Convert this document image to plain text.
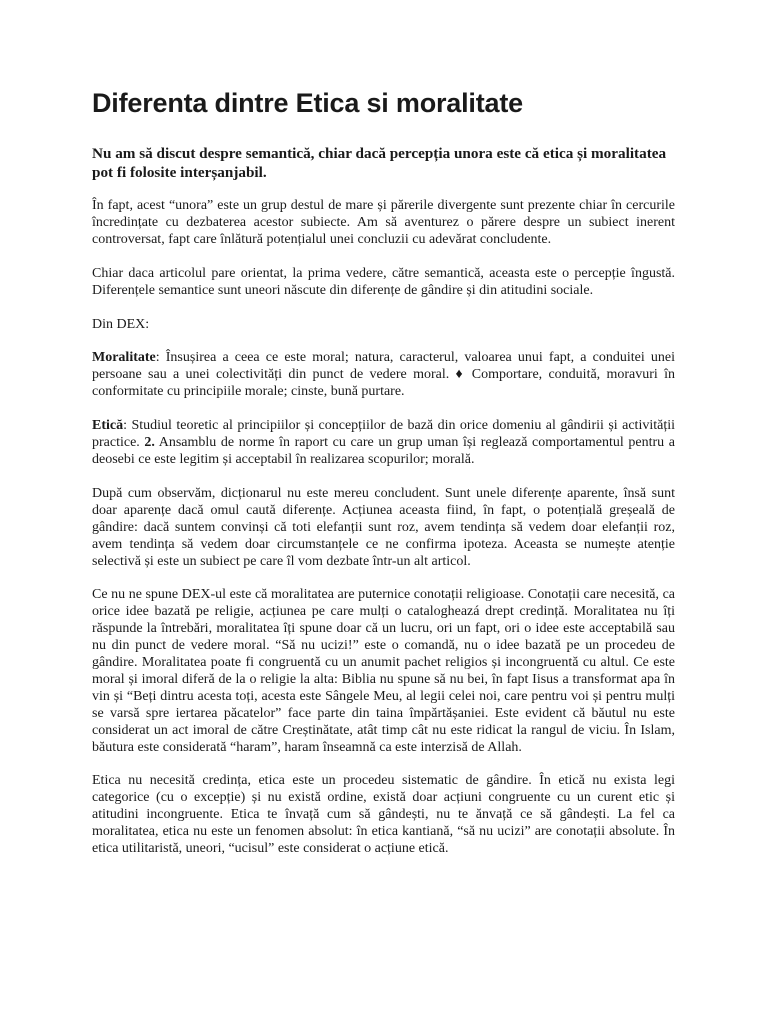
Diferenta dintre Etica si moralitate

Nu am să discut despre semantică, chiar dacă percepția unora este că etica și moralitatea pot fi folosite interșanjabil.

În fapt, acest “unora” este un grup destul de mare și părerile divergente sunt prezente chiar în cercurile încredințate cu dezbaterea acestor subiecte. Am să aventurez o părere despre un subiect inerent controversat, fapt care înlătură potențialul unei concluzii cu adevărat concludente.

Chiar daca articolul pare orientat, la prima vedere, către semantică, aceasta este o percepție îngustă. Diferențele semantice sunt uneori născute din diferențe de gândire și din atitudini sociale.

Din DEX:

Moralitate: Însușirea a ceea ce este moral; natura, caracterul, valoarea unui fapt, a conduitei unei persoane sau a unei colectivități din punct de vedere moral. ♦ Comportare, conduită, moravuri în conformitate cu principiile morale; cinste, bună purtare.

Etică: Studiul teoretic al principiilor și concepțiilor de bază din orice domeniu al gândirii și activității practice. 2. Ansamblu de norme în raport cu care un grup uman își reglează comportamentul pentru a deosebi ce este legitim și acceptabil în realizarea scopurilor; morală.

După cum observăm, dicționarul nu este mereu concludent. Sunt unele diferențe aparente, însă sunt doar aparențe dacă omul caută diferențe. Acțiunea aceasta fiind, în fapt, o potențială greșeală de gândire: dacă suntem convinși că toti elefanții sunt roz, avem tendința să vedem doar elefanții roz, avem tendința să vedem doar circumstanțele ce ne confirma ipoteza. Aceasta se numește atenție selectivă și este un subiect pe care îl vom dezbate într-un alt articol.

Ce nu ne spune DEX-ul este că moralitatea are puternice conotații religioase. Conotații care necesită, ca orice idee bazată pe religie, acțiunea pe care mulți o catalogheazá drept credință. Moralitatea nu îți răspunde la întrebări, moralitatea îți spune doar că un lucru, ori un fapt, ori o idee este acceptabilă sau nu din punct de vedere moral. “Să nu ucizi!” este o comandă, nu o idee bazată pe un procedeu de gândire. Moralitatea poate fi congruentă cu un anumit pachet religios și incongruentă cu altul. Ce este moral și imoral diferă de la o religie la alta: Biblia nu spune să nu bei, în fapt Iisus a transformat apa în vin și “Beți dintru acesta toți, acesta este Sângele Meu, al legii celei noi, care pentru voi și pentru mulți se varsă spre iertarea păcatelor” face parte din taina împărtășaniei. Este evident că băutul nu este considerat un act imoral de către Creștinătate, atât timp cât nu este ridicat la rangul de viciu. În Islam, băutura este considerată “haram”, haram înseamnă ca este interzisă de Allah.

Etica nu necesită credința, etica este un procedeu sistematic de gândire. În etică nu exista legi categorice (cu o excepție) și nu există ordine, există doar acțiuni congruente cu un curent etic și atitudini incongruente. Etica te învață cum să gândești, nu te ănvață ce să gândești. La fel ca moralitatea, etica nu este un fenomen absolut: în etica kantiană, “să nu ucizi” are conotații absolute. În etica utilitaristă, uneori, “ucisul” este considerat o acțiune etică.
